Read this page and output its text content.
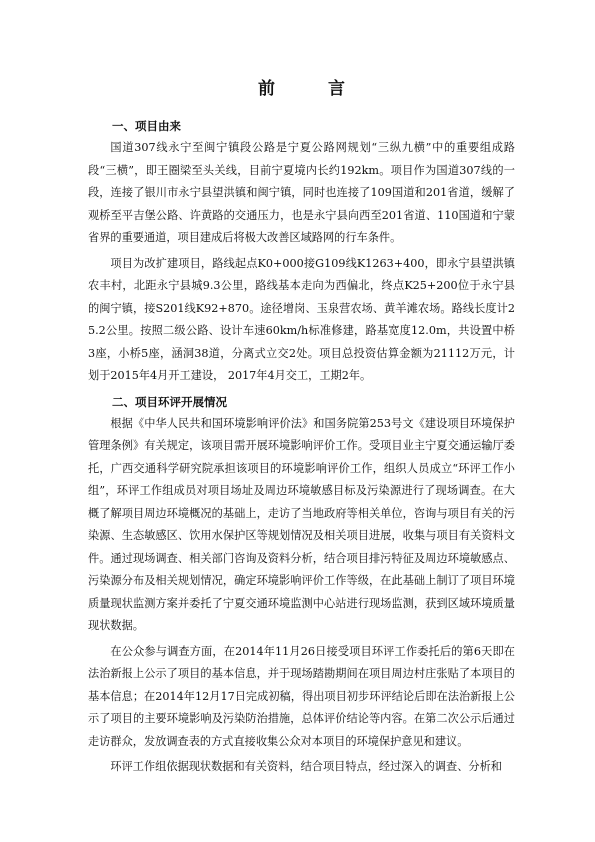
前　言
一、项目由来

国道307线永宁至闽宁镇段公路是宁夏公路网规划“三纵九横”中的重要组成路段“三横”，即王圈梁至头关线，目前宁夏境内长约192km。项目作为国道307线的一段，连接了银川市永宁县望洪镇和闽宁镇，同时也连接了109国道和201省道，缓解了观桥至平吉堡公路、许黄路的交通压力，也是永宁县向西至201省道、110国道和宁蒙省界的重要通道，项目建成后将极大改善区域路网的行车条件。

项目为改扩建项目，路线起点K0+000接G109线K1263+400，即永宁县望洪镇农丰村，北距永宁县城9.3公里，路线基本走向为西偏北，终点K25+200位于永宁县的闽宁镇，接S201线K92+870。途径增岗、玉泉营农场、黄羊滩农场。路线长度计25.2公里。按照二级公路、设计车速60km/h标准修建，路基宽度12.0m，共设置中桥3座，小桥5座，涵洞38道，分离式立交2处。项目总投资估算金额为21112万元，计划于2015年4月开工建设， 2017年4月交工，工期2年。

二、项目环评开展情况

根据《中华人民共和国环境影响评价法》和国务院第253号文《建设项目环境保护管理条例》有关规定，该项目需开展环境影响评价工作。受项目业主宁夏交通运输厅委托，广西交通科学研究院承担该项目的环境影响评价工作，组织人员成立“环评工作小组”，环评工作组成员对项目场址及周边环境敏感目标及污染源进行了现场调查。在大概了解项目周边环境概况的基础上，走访了当地政府等相关单位，咨询与项目有关的污染源、生态敏感区、饮用水保护区等规划情况及相关项目进展，收集与项目有关资料文件。通过现场调查、相关部门咨询及资料分析，结合项目排污特征及周边环境敏感点、污染源分布及相关规划情况，确定环境影响评价工作等级，在此基础上制订了项目环境质量现状监测方案并委托了宁夏交通环境监测中心站进行现场监测，获到区域环境质量现状数据。

在公众参与调查方面，在2014年11月26日接受项目环评工作委托后的第6天即在法治新报上公示了项目的基本信息，并于现场踏勘期间在项目周边村庄张贴了本项目的基本信息；在2014年12月17日完成初稿，得出项目初步环评结论后即在法治新报上公示了项目的主要环境影响及污染防治措施，总体评价结论等内容。在第二次公示后通过走访群众，发放调查表的方式直接收集公众对本项目的环境保护意见和建议。

环评工作组依据现状数据和有关资料，结合项目特点，经过深入的调查、分析和
